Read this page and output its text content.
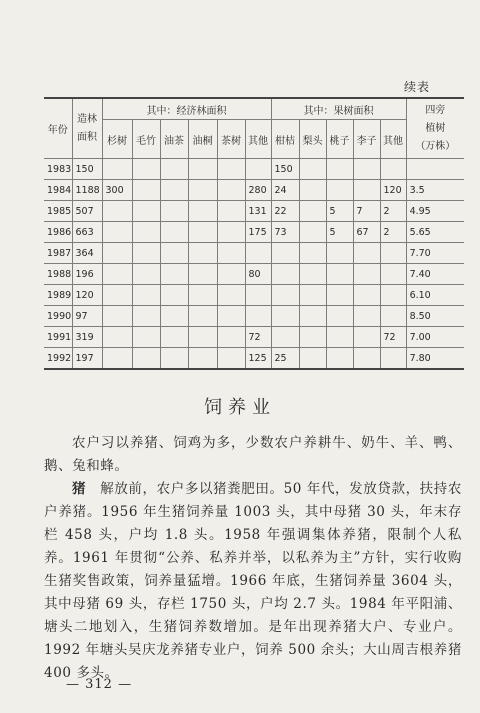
续表
年份	造林
面积	其中：经济林面积						其中：果树面积					四旁
植树
（万株）

		杉树	毛竹	油茶	油桐	茶树	其他	柑桔	梨头	桃子	李子	其他	
1983	150							150					
1984	1188	300					280	24				120	3.5
1985	507						131	22		5	7	2	4.95
1986	663						175	73		5	67	2	5.65
1987	364												7.70
1988	196						80						7.40
1989	120												6.10
1990	97												8.50
1991	319						72					72	7.00
1992	197						125	25					7.80
饲养业

农户习以养猪、饲鸡为多，少数农户养耕牛、奶牛、羊、鸭、鹅、兔和蜂。

猪　解放前，农户多以猪粪肥田。50 年代，发放贷款，扶持农户养猪。1956 年生猪饲养量 1003 头，其中母猪 30 头，年末存栏 458 头，户均 1.8 头。1958 年强调集体养猪，限制个人私养。1961 年贯彻“公养、私养并举，以私养为主”方针，实行收购生猪奖售政策，饲养量猛增。1966 年底，生猪饲养量 3604 头，其中母猪 69 头，存栏 1750 头，户均 2.7 头。1984 年平阳浦、塘头二地划入，生猪饲养数增加。是年出现养猪大户、专业户。1992 年塘头吴庆龙养猪专业户，饲养 500 余头；大山周吉根养猪 400 多头。

— 312 —
